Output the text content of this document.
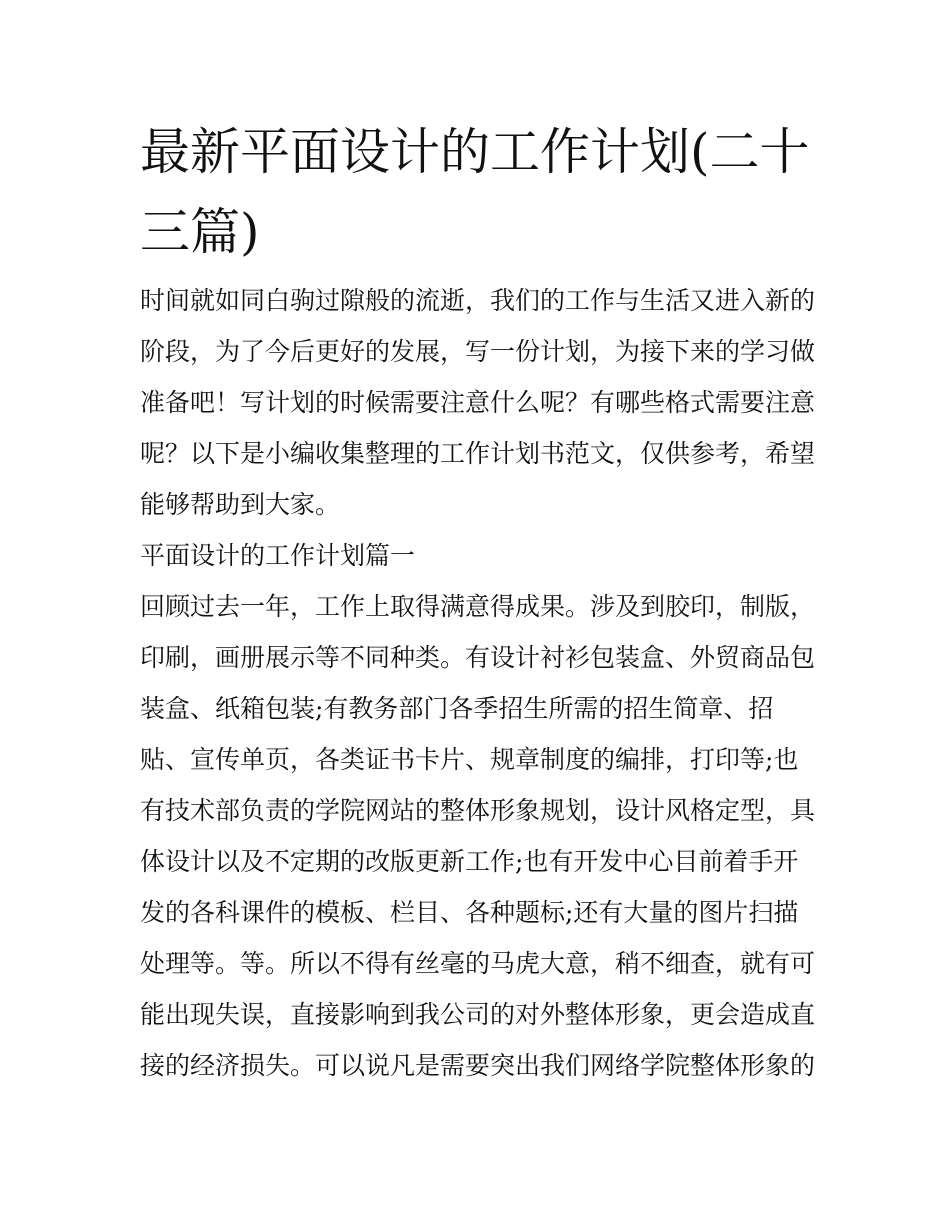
最新平面设计的工作计划(二十
三篇)
时间就如同白驹过隙般的流逝，我们的工作与生活又进入新的
阶段，为了今后更好的发展，写一份计划，为接下来的学习做
准备吧！写计划的时候需要注意什么呢？有哪些格式需要注意
呢？以下是小编收集整理的工作计划书范文，仅供参考，希望
能够帮助到大家。
平面设计的工作计划篇一
回顾过去一年，工作上取得满意得成果。涉及到胶印，制版，
印刷，画册展示等不同种类。有设计衬衫包装盒、外贸商品包
装盒、纸箱包装;有教务部门各季招生所需的招生简章、招
贴、宣传单页，各类证书卡片、规章制度的编排，打印等;也
有技术部负责的学院网站的整体形象规划，设计风格定型，具
体设计以及不定期的改版更新工作;也有开发中心目前着手开
发的各科课件的模板、栏目、各种题标;还有大量的图片扫描
处理等。等。所以不得有丝毫的马虎大意，稍不细查，就有可
能出现失误，直接影响到我公司的对外整体形象，更会造成直
接的经济损失。可以说凡是需要突出我们网络学院整体形象的
